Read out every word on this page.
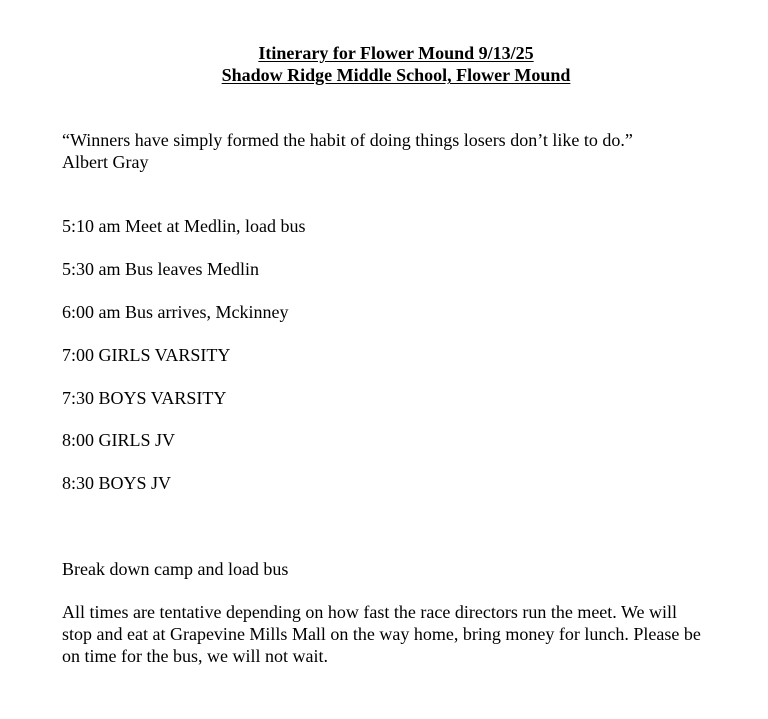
Itinerary for Flower Mound 9/13/25
Shadow Ridge Middle School, Flower Mound
“Winners have simply formed the habit of doing things losers don’t like to do.”
Albert Gray
5:10 am Meet at Medlin, load bus
5:30 am Bus leaves Medlin
6:00 am Bus arrives, Mckinney
7:00 GIRLS VARSITY
7:30 BOYS VARSITY
8:00 GIRLS JV
8:30 BOYS JV
Break down camp and load bus
All times are tentative depending on how fast the race directors run the meet. We will
stop and eat at Grapevine Mills Mall on the way home, bring money for lunch. Please be
on time for the bus, we will not wait.
